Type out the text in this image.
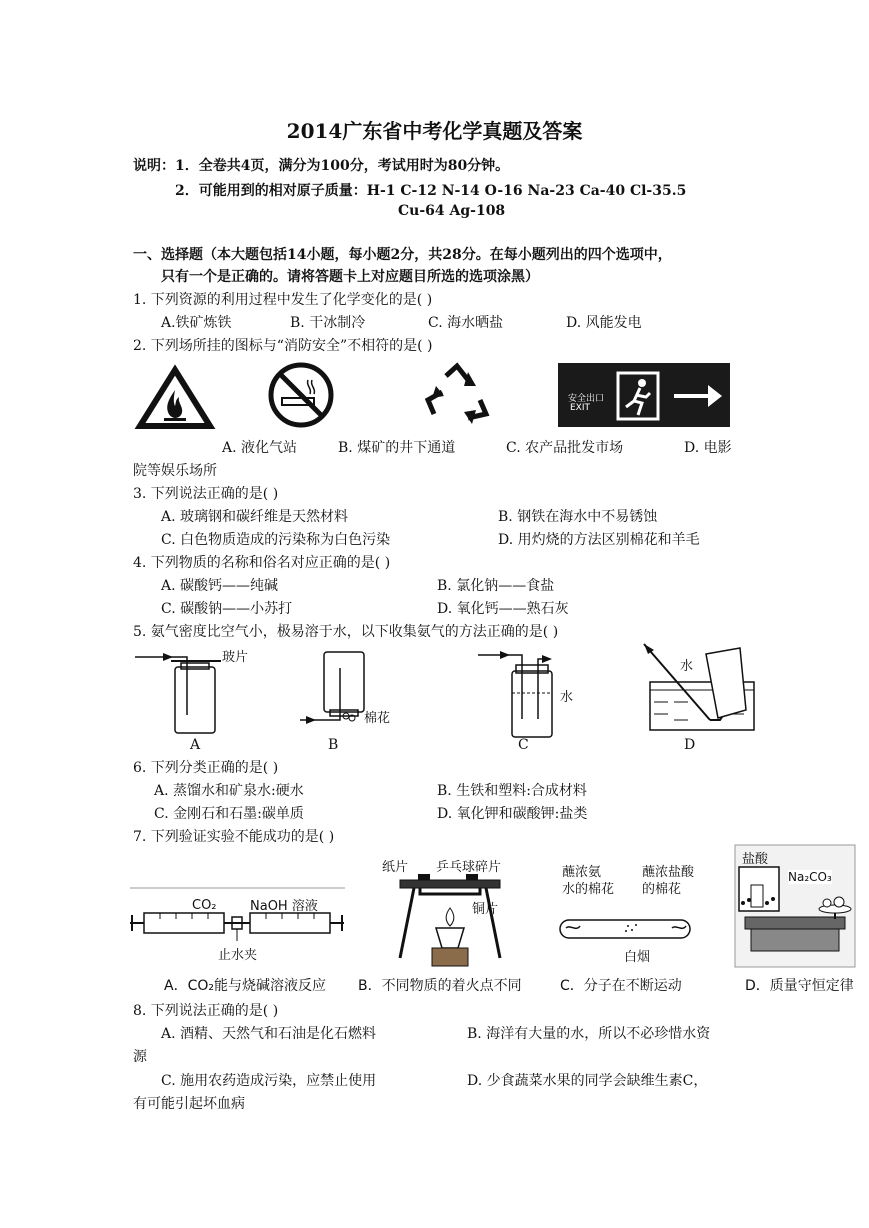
2014广东省中考化学真题及答案
说明：1．全卷共4页，满分为100分，考试用时为80分钟。
2．可能用到的相对原子质量：H-1 C-12 N-14 O-16 Na-23 Ca-40 Cl-35.5
Cu-64 Ag-108
一、选择题（本大题包括14小题，每小题2分，共28分。在每小题列出的四个选项中，
只有一个是正确的。请将答题卡上对应题目所选的选项涂黑）
1. 下列资源的利用过程中发生了化学变化的是( )
A.铁矿炼铁	B. 干冰制冷	C. 海水晒盐	D. 风能发电
2. 下列场所挂的图标与“消防安全”不相符的是( )
安全出口
EXIT
A. 液化气站	B. 煤矿的井下通道	C. 农产品批发市场	D. 电影
院等娱乐场所
3. 下列说法正确的是( )
A. 玻璃钢和碳纤维是天然材料	B. 钢铁在海水中不易锈蚀
C. 白色物质造成的污染称为白色污染	D. 用灼烧的方法区别棉花和羊毛
4. 下列物质的名称和俗名对应正确的是( )
A. 碳酸钙——纯碱	B. 氯化钠——食盐
C. 碳酸钠——小苏打	D. 氧化钙——熟石灰
5. 氨气密度比空气小，极易溶于水，以下收集氨气的方法正确的是( )
玻片
A
棉花
B
水
C
水
D
6. 下列分类正确的是( )
A. 蒸馏水和矿泉水:硬水	B. 生铁和塑料:合成材料
C. 金刚石和石墨:碳单质	D. 氧化钾和碳酸钾:盐类
7. 下列验证实验不能成功的是( )
CO₂	NaOH 溶液
止水夹
纸片 乒乓球碎片
铜片
蘸浓氨
水的棉花
蘸浓盐酸
的棉花
白烟
盐酸
Na₂CO₃
A．CO₂能与烧碱溶液反应 B．不同物质的着火点不同	C．分子在不断运动	D．质量守恒定律
8. 下列说法正确的是( )
A. 酒精、天然气和石油是化石燃料	B. 海洋有大量的水，所以不必珍惜水资
源
C. 施用农药造成污染，应禁止使用	D. 少食蔬菜水果的同学会缺维生素C，
有可能引起坏血病
